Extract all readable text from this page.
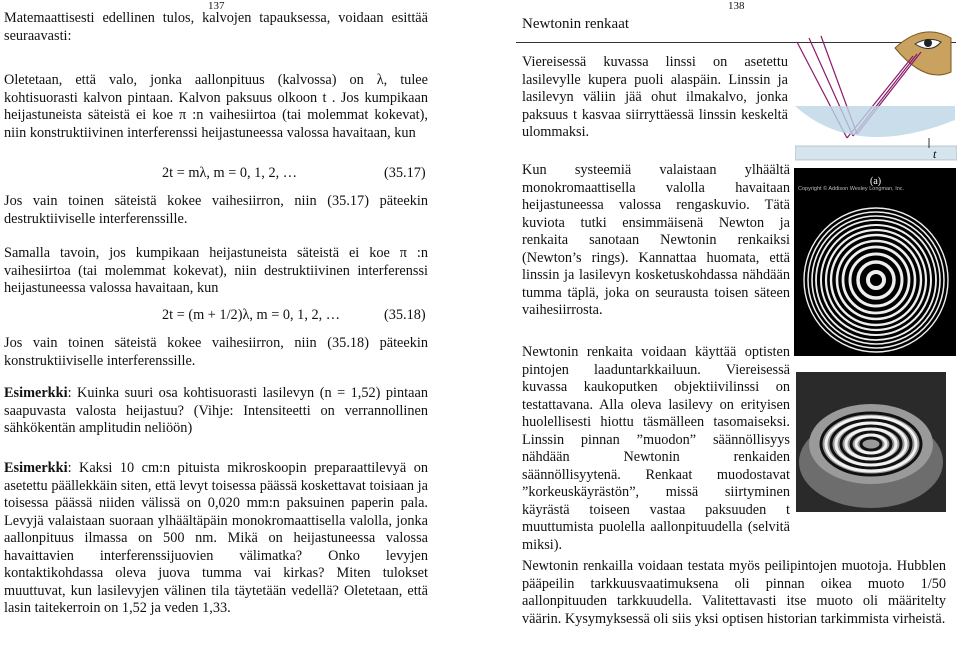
137

Matemaattisesti edellinen tulos, kalvojen tapauksessa, voidaan esittää seuraavasti:

Oletetaan, että valo, jonka aallonpituus (kalvossa) on λ, tulee kohtisuorasti kalvon pintaan. Kalvon paksuus olkoon t . Jos kumpikaan heijastuneista säteistä ei koe π :n vaihesiirtoa (tai molemmat kokevat), niin konstruktiivinen interferenssi heijastuneessa valossa havaitaan, kun

2t = mλ, m = 0, 1, 2, …	(35.17)

Jos vain toinen säteistä kokee vaihesiirron, niin (35.17) päteekin destruktiiviselle interferenssille.

Samalla tavoin, jos kumpikaan heijastuneista säteistä ei koe π :n vaihesiirtoa (tai molemmat kokevat), niin destruktiivinen interferenssi heijastuneessa valossa havaitaan, kun

2t = (m + 1/2)λ, m = 0, 1, 2, …	(35.18)

Jos vain toinen säteistä kokee vaihesiirron, niin (35.18) päteekin konstruktiiviselle interferenssille.

Esimerkki: Kuinka suuri osa kohtisuorasti lasilevyn (n = 1,52) pintaan saapuvasta valosta heijastuu? (Vihje: Intensiteetti on verrannollinen sähkökentän amplitudin neliöön)

Esimerkki: Kaksi 10 cm:n pituista mikroskoopin preparaattilevyä on asetettu päällekkäin siten, että levyt toisessa päässä koskettavat toisiaan ja toisessa päässä niiden välissä on 0,020 mm:n paksuinen paperin pala. Levyjä valaistaan suoraan ylhäältäpäin monokromaattisella valolla, jonka aallonpituus ilmassa on 500 nm. Mikä on heijastuneessa valossa havaittavien interferenssijuovien välimatka? Onko levyjen kontaktikohdassa oleva juova tumma vai kirkas? Miten tulokset muuttuvat, kun lasilevyjen välinen tila täytetään vedellä? Oletetaan, että lasin taitekerroin on 1,52 ja veden 1,33.

138
Newtonin renkaat

Viereisessä kuvassa linssi on asetettu lasilevylle kupera puoli alaspäin. Linssin ja lasilevyn väliin jää ohut ilmakalvo, jonka paksuus t kasvaa siirryttäessä linssin keskeltä ulommaksi.

Kun systeemiä valaistaan ylhäältä monokromaattisella valolla havaitaan heijastuneessa valossa rengaskuvio. Tätä kuviota tutki ensimmäisenä Newton ja renkaita sanotaan Newtonin renkaiksi (Newton’s rings). Kannattaa huomata, että linssin ja lasilevyn kosketuskohdassa nähdään tumma täplä, joka on seurausta toisen säteen vaihesiirrosta.

Newtonin renkaita voidaan käyttää optisten pintojen laaduntarkkailuun. Viereisessä kuvassa kaukoputken objektiivilinssi on testattavana. Alla oleva lasilevy on erityisen huolellisesti hiottu täsmälleen tasomaiseksi. Linssin pinnan ”muodon” säännöllisyys nähdään Newtonin renkaiden säännöllisyytenä. Renkaat muodostavat ”korkeuskäyrästön”, missä siirtyminen käyrästä toiseen vastaa paksuuden t muuttumista puolella aallonpituudella (selvitä miksi).

Newtonin renkailla voidaan testata myös peilipintojen muotoja. Hubblen pääpeilin tarkkuusvaatimuksena oli pinnan oikea muoto 1/50 aallonpituuden tarkkuudella. Valitettavasti itse muoto oli määritelty väärin. Kysymyksessä oli siis yksi optisen historian tarkimmista virheistä.

t
Copyright © Addison Wesley Longman, Inc.
(a)
